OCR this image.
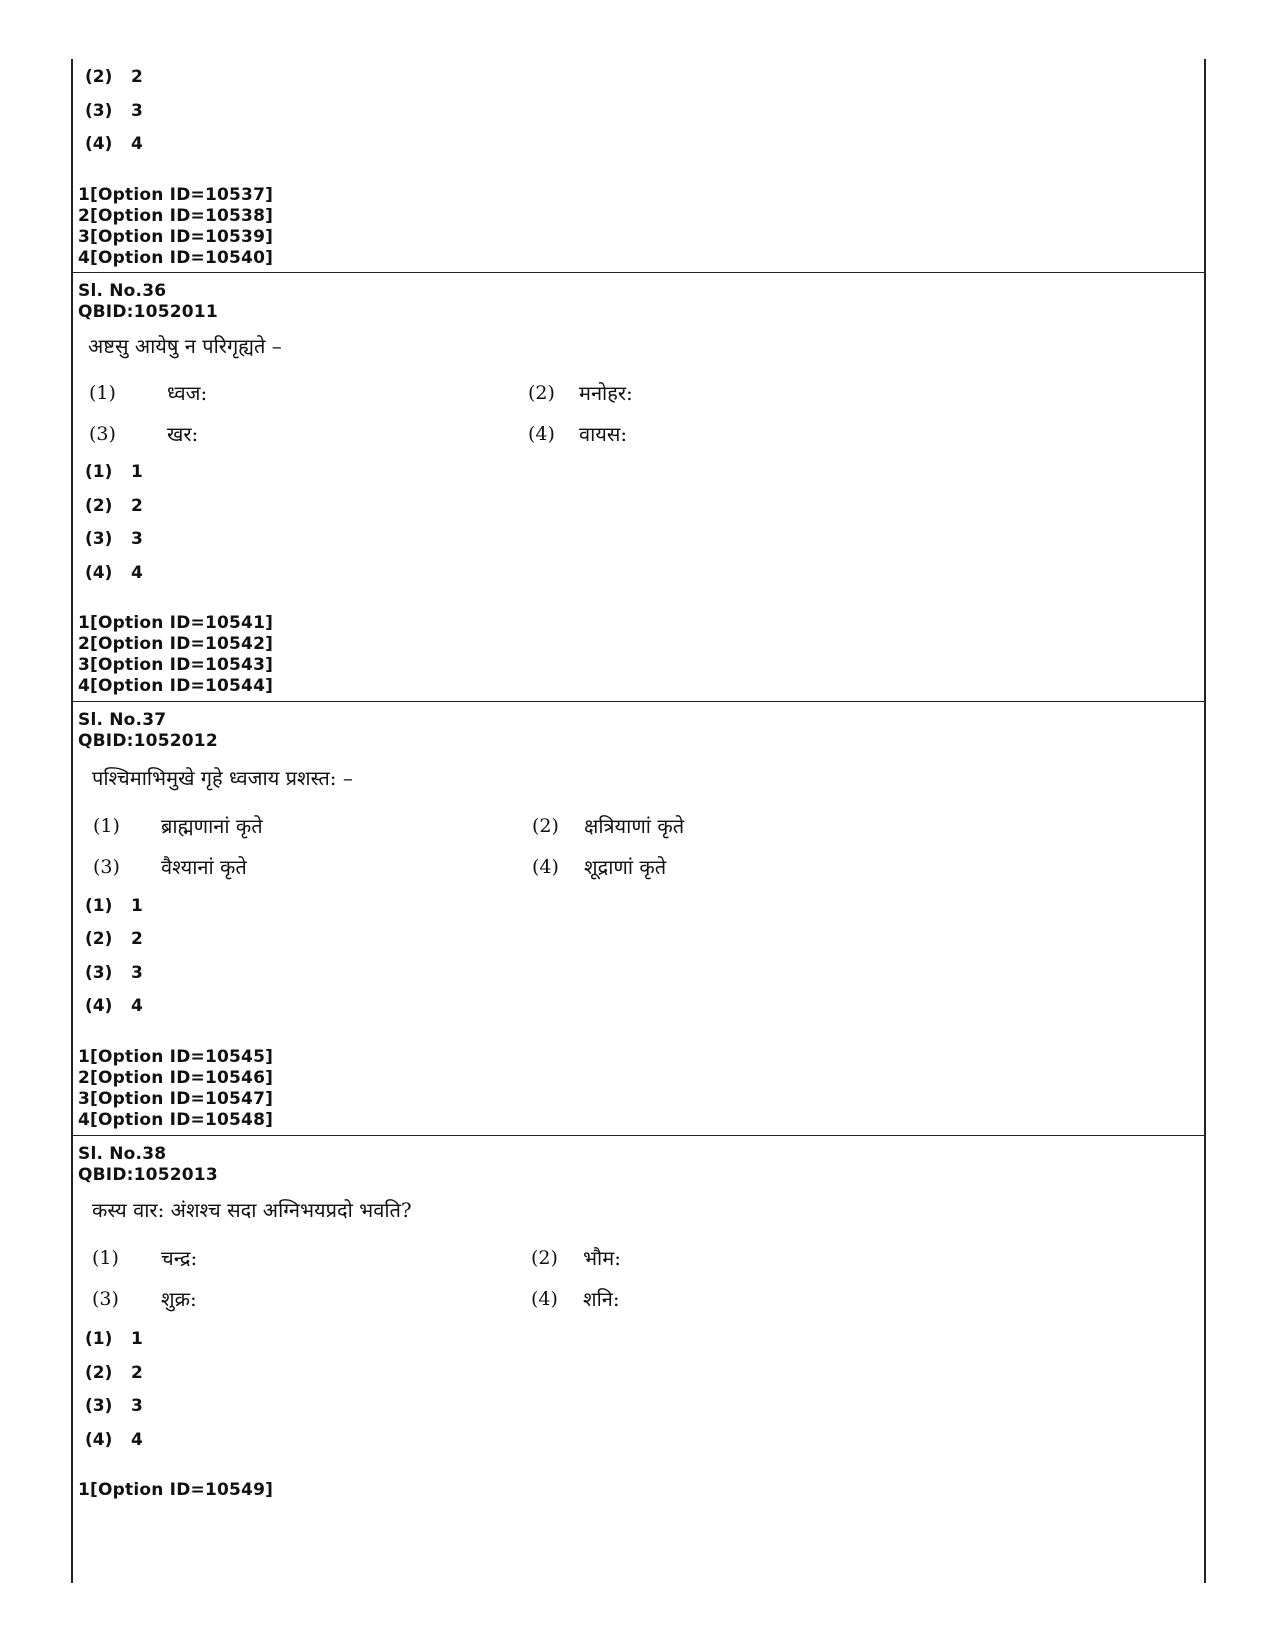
(2) 2
(3) 3
(4) 4
1[Option ID=10537]
2[Option ID=10538]
3[Option ID=10539]
4[Option ID=10540]
Sl. No.36
QBID:1052011
अष्टसु आयेषु न परिगृह्यते –
(1)	ध्वज:	(2) मनोहर:
(3)	खर:	(4) वायस:
(1) 1
(2) 2
(3) 3
(4) 4
1[Option ID=10541]
2[Option ID=10542]
3[Option ID=10543]
4[Option ID=10544]
Sl. No.37
QBID:1052012
पश्चिमाभिमुखे गृहे ध्वजाय प्रशस्त: –
(1) ब्राह्मणानां कृते	(2) क्षत्रियाणां कृते
(3) वैश्यानां कृते	(4) शूद्राणां कृते
(1) 1
(2) 2
(3) 3
(4) 4
1[Option ID=10545]
2[Option ID=10546]
3[Option ID=10547]
4[Option ID=10548]
Sl. No.38
QBID:1052013
कस्य वार: अंशश्च सदा अग्निभयप्रदो भवति?
(1) चन्द्र:	(2) भौम:
(3) शुक्र:	(4) शनि:
(1) 1
(2) 2
(3) 3
(4) 4
1[Option ID=10549]
